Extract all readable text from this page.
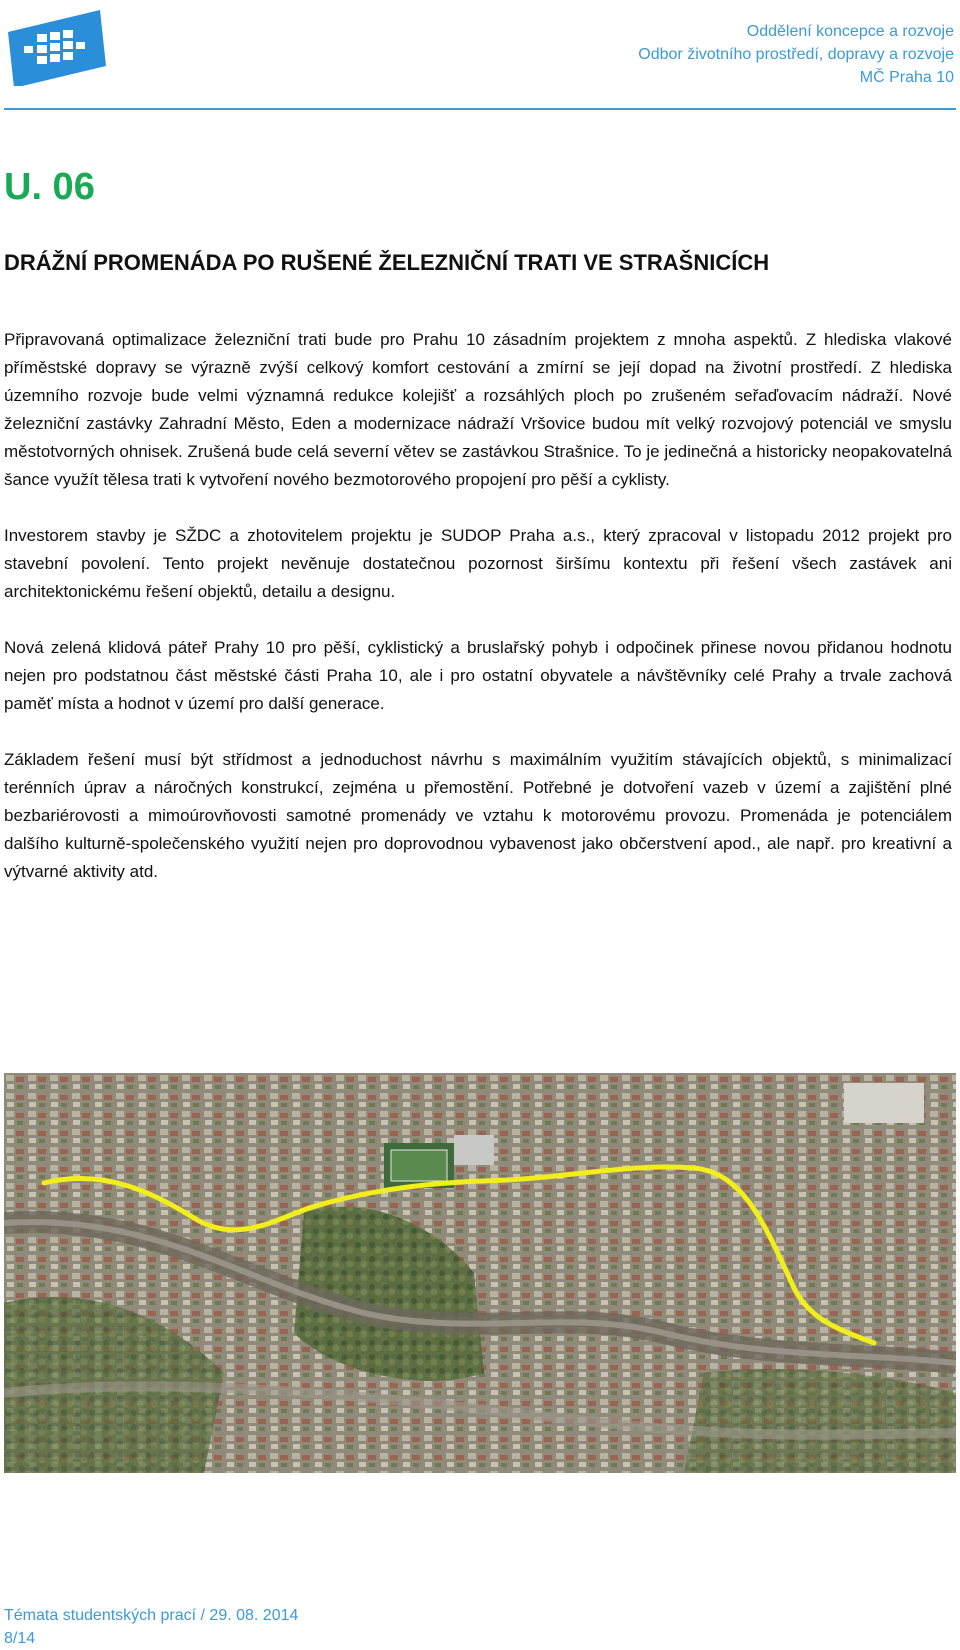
Oddělení koncepce a rozvoje
Odbor životního prostředí, dopravy a rozvoje
MČ Praha 10
U. 06
DRÁŽNÍ PROMENÁDA PO RUŠENÉ ŽELEZNIČNÍ TRATI VE STRAŠNICÍCH

Připravovaná optimalizace železniční trati bude pro Prahu 10 zásadním projektem z mnoha aspektů. Z hlediska vlakové příměstské dopravy se výrazně zvýší celkový komfort cestování a zmírní se její dopad na životní prostředí. Z hlediska územního rozvoje bude velmi významná redukce kolejišť a rozsáhlých ploch po zrušeném seřaďovacím nádraží. Nové železniční zastávky Zahradní Město, Eden a modernizace nádraží Vršovice budou mít velký rozvojový potenciál ve smyslu městotvorných ohnisek. Zrušená bude celá severní větev se zastávkou Strašnice. To je jedinečná a historicky neopakovatelná šance využít tělesa trati k vytvoření nového bezmotorového propojení pro pěší a cyklisty.

Investorem stavby je SŽDC a zhotovitelem projektu je SUDOP Praha a.s., který zpracoval v listopadu 2012 projekt pro stavební povolení. Tento projekt nevěnuje dostatečnou pozornost širšímu kontextu při řešení všech zastávek ani architektonickému řešení objektů, detailu a designu.

Nová zelená klidová páteř Prahy 10 pro pěší, cyklistický a bruslařský pohyb i odpočinek přinese novou přidanou hodnotu nejen pro podstatnou část městské části Praha 10, ale i pro ostatní obyvatele a návštěvníky celé Prahy a trvale zachová paměť místa a hodnot v území pro další generace.

Základem řešení musí být střídmost a jednoduchost návrhu s maximálním využitím stávajících objektů, s minimalizací terénních úprav a náročných konstrukcí, zejména u přemostění. Potřebné je dotvoření vazeb v území a zajištění plné bezbariérovosti a mimoúrovňovosti samotné promenády ve vztahu k motorovému provozu. Promenáda je potenciálem dalšího kulturně-společenského využití nejen pro doprovodnou vybavenost jako občerstvení apod., ale např. pro kreativní a výtvarné aktivity atd.

Témata studentských prací / 29. 08. 2014
8/14
